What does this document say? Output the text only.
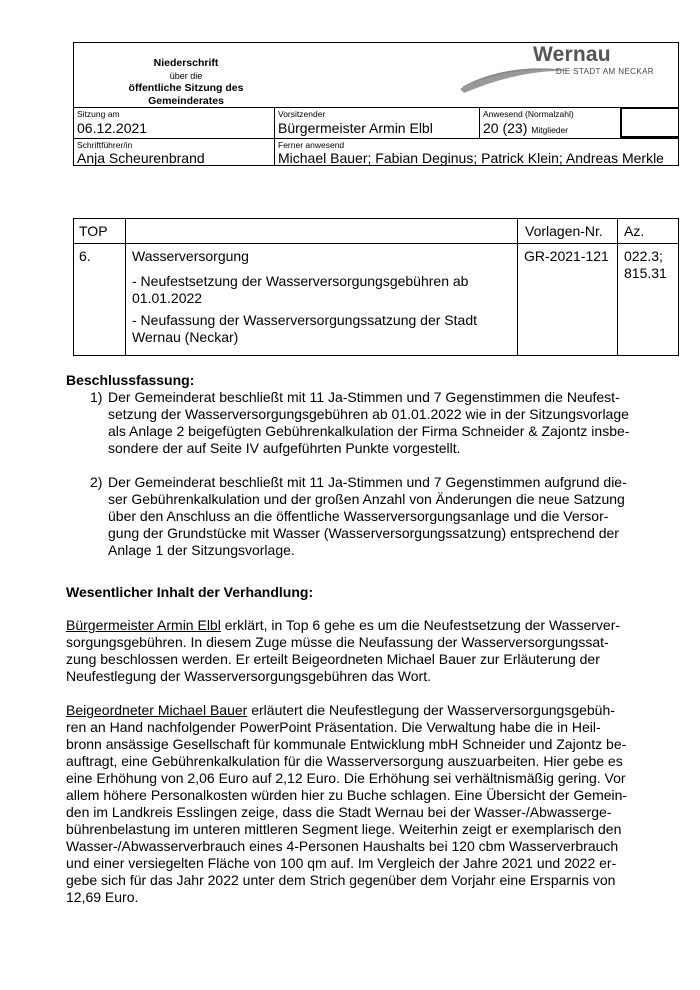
Niederschrift
über die
öffentliche Sitzung des
Gemeinderates
Wernau
DIE STADT AM NECKAR
Sitzung am
06.12.2021
Vorsitzender
Bürgermeister Armin Elbl
Anwesend (Normalzahl)
20 (23) Mitglieder
Schriftführer/in
Anja Scheurenbrand
Ferner anwesend
Michael Bauer; Fabian Deginus; Patrick Klein; Andreas Merkle
TOP	Vorlagen-Nr. Az.
6.	Wasserversorgung
- Neufestsetzung der Wasserversorgungsgebühren ab
01.01.2022
- Neufassung der Wasserversorgungssatzung der Stadt
Wernau (Neckar)
GR-2021-121 022.3;
815.31
Beschlussfassung:
1) Der Gemeinderat beschließt mit 11 Ja-Stimmen und 7 Gegenstimmen die Neufest-
setzung der Wasserversorgungsgebühren ab 01.01.2022 wie in der Sitzungsvorlage
als Anlage 2 beigefügten Gebührenkalkulation der Firma Schneider & Zajontz insbe-
sondere der auf Seite IV aufgeführten Punkte vorgestellt.
2) Der Gemeinderat beschließt mit 11 Ja-Stimmen und 7 Gegenstimmen aufgrund die-
ser Gebührenkalkulation und der großen Anzahl von Änderungen die neue Satzung
über den Anschluss an die öffentliche Wasserversorgungsanlage und die Versor-
gung der Grundstücke mit Wasser (Wasserversorgungssatzung) entsprechend der
Anlage 1 der Sitzungsvorlage.
Wesentlicher Inhalt der Verhandlung:
Bürgermeister Armin Elbl erklärt, in Top 6 gehe es um die Neufestsetzung der Wasserver-
sorgungsgebühren. In diesem Zuge müsse die Neufassung der Wasserversorgungssat-
zung beschlossen werden. Er erteilt Beigeordneten Michael Bauer zur Erläuterung der
Neufestlegung der Wasserversorgungsgebühren das Wort.
Beigeordneter Michael Bauer erläutert die Neufestlegung der Wasserversorgungsgebüh-
ren an Hand nachfolgender PowerPoint Präsentation. Die Verwaltung habe die in Heil-
bronn ansässige Gesellschaft für kommunale Entwicklung mbH Schneider und Zajontz be-
auftragt, eine Gebührenkalkulation für die Wasserversorgung auszuarbeiten. Hier gebe es
eine Erhöhung von 2,06 Euro auf 2,12 Euro. Die Erhöhung sei verhältnismäßig gering. Vor
allem höhere Personalkosten würden hier zu Buche schlagen. Eine Übersicht der Gemein-
den im Landkreis Esslingen zeige, dass die Stadt Wernau bei der Wasser-/Abwasserge-
bührenbelastung im unteren mittleren Segment liege. Weiterhin zeigt er exemplarisch den
Wasser-/Abwasserverbrauch eines 4-Personen Haushalts bei 120 cbm Wasserverbrauch
und einer versiegelten Fläche von 100 qm auf. Im Vergleich der Jahre 2021 und 2022 er-
gebe sich für das Jahr 2022 unter dem Strich gegenüber dem Vorjahr eine Ersparnis von
12,69 Euro.
